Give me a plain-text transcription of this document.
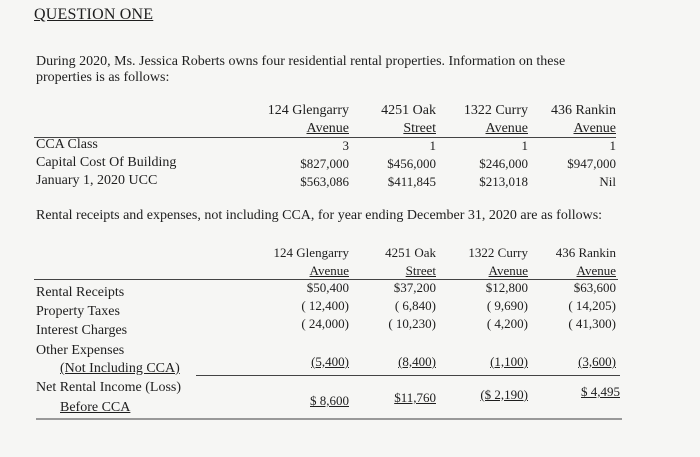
QUESTION ONE
During 2020, Ms. Jessica Roberts owns four residential rental properties. Information on these properties is as follows:
124 Glengarry
Avenue
4251 Oak
Street
1322 Curry
Avenue
436 Rankin
Avenue
CCA Class	3	1	1	1
Capital Cost Of Building	$827,000	$456,000	$246,000	$947,000
January 1, 2020 UCC	$563,086	$411,845	$213,018	Nil
Rental receipts and expenses, not including CCA, for year ending December 31, 2020 are as follows:
124 Glengarry
Avenue
4251 Oak
Street
1322 Curry
Avenue
436 Rankin
Avenue
Rental Receipts	$50,400	$37,200	$12,800	$63,600
Property Taxes	( 12,400)	( 6,840)	( 9,690)	( 14,205)
Interest Charges	( 24,000)	( 10,230)	( 4,200)	( 41,300)
Other Expenses
(Not Including CCA)	(5,400)	(8,400)	(1,100)	(3,600)
Net Rental Income (Loss)
Before CCA	$ 8,600	$11,760	($ 2,190)	$ 4,495
